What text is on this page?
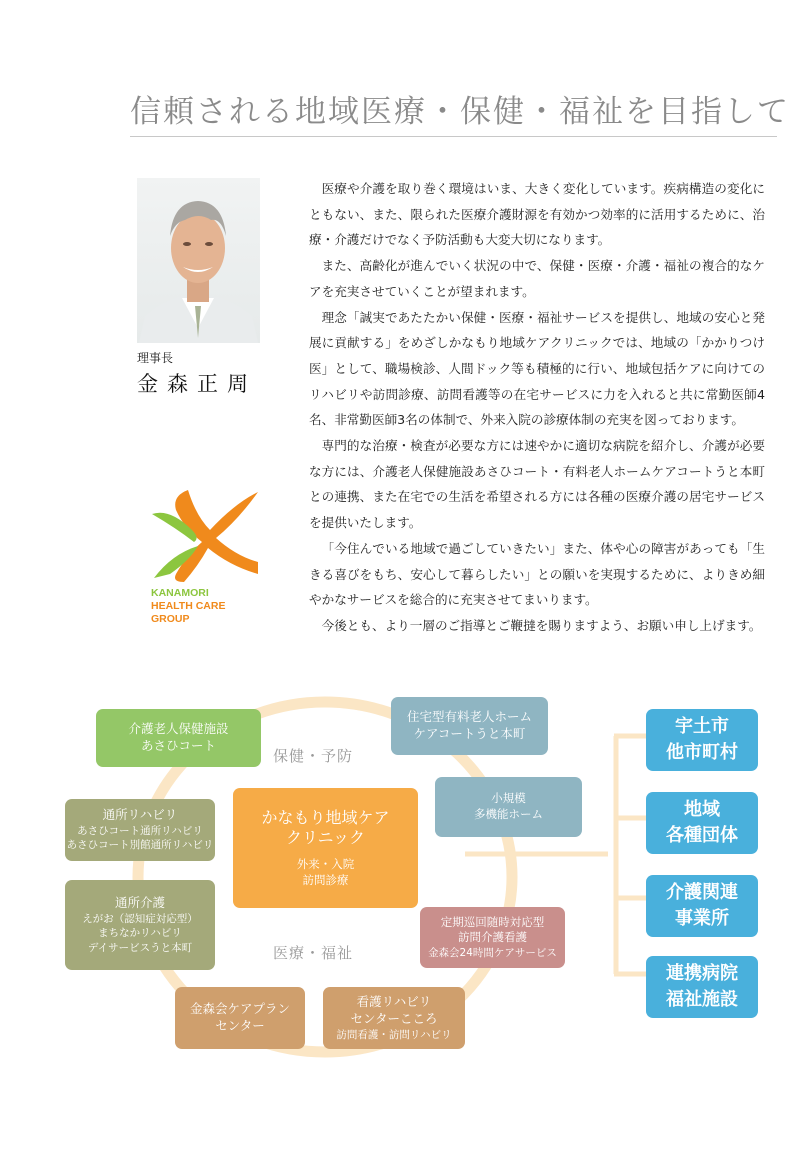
信頼される地域医療・保健・福祉を目指して
理事長
金森正周
KANAMORI
HEALTH CARE
GROUP

医療や介護を取り巻く環境はいま、大きく変化しています。疾病構造の変化にともない、また、限られた医療介護財源を有効かつ効率的に活用するために、治療・介護だけでなく予防活動も大変大切になります。

また、高齢化が進んでいく状況の中で、保健・医療・介護・福祉の複合的なケアを充実させていくことが望まれます。

理念「誠実であたたかい保健・医療・福祉サービスを提供し、地域の安心と発展に貢献する」をめざしかなもり地域ケアクリニックでは、地域の「かかりつけ医」として、職場検診、人間ドック等も積極的に行い、地域包括ケアに向けてのリハビリや訪問診療、訪問看護等の在宅サービスに力を入れると共に常勤医師4名、非常勤医師3名の体制で、外来入院の診療体制の充実を図っております。

専門的な治療・検査が必要な方には速やかに適切な病院を紹介し、介護が必要な方には、介護老人保健施設あさひコート・有料老人ホームケアコートうと本町との連携、また在宅での生活を希望される方には各種の医療介護の居宅サービスを提供いたします。

「今住んでいる地域で過ごしていきたい」また、体や心の障害があっても「生きる喜びをもち、安心して暮らしたい」との願いを実現するために、よりきめ細やかなサービスを総合的に充実させてまいります。

今後とも、より一層のご指導とご鞭撻を賜りますよう、お願い申し上げます。

保健・予防
医療・福祉
介護老人保健施設
あさひコート
住宅型有料老人ホーム
ケアコートうと本町
小規模
多機能ホーム
通所リハビリ
あさひコート通所リハビリ
あさひコート別館通所リハビリ
かなもり地域ケア
クリニック
外来・入院
訪問診療
通所介護
えがお（認知症対応型）
まちなかリハビリ
デイサービスうと本町
定期巡回随時対応型
訪問介護看護
金森会24時間ケアサービス
金森会ケアプラン
センター
看護リハビリ
センターこころ
訪問看護・訪問リハビリ
宇土市
他市町村
地域
各種団体
介護関連
事業所
連携病院
福祉施設
